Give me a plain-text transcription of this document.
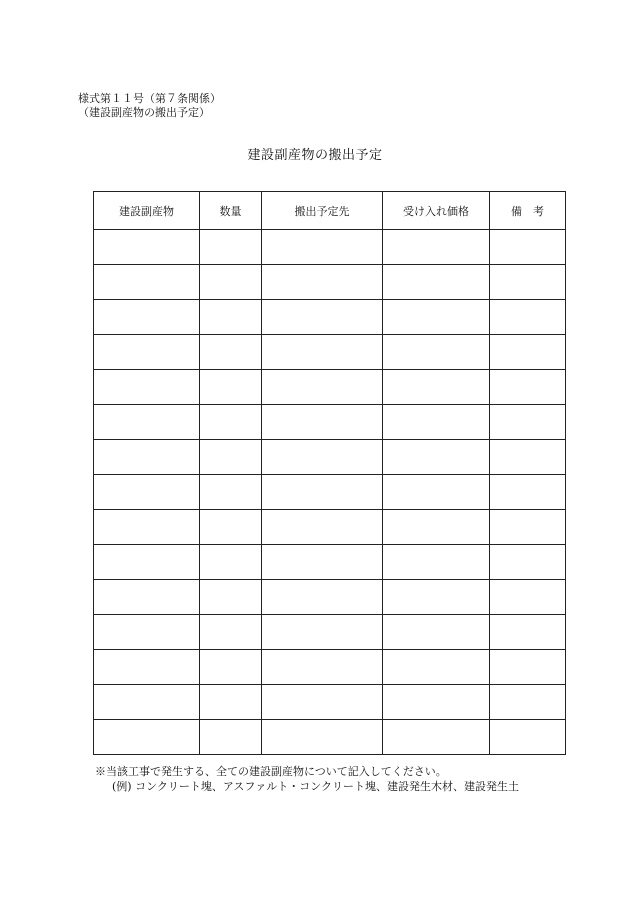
様式第１１号（第７条関係）
（建設副産物の搬出予定）
建設副産物の搬出予定
建設副産物	数量	搬出予定先	受け入れ価格	備　考

※当該工事で発生する、全ての建設副産物について記入してください。
(例) コンクリート塊、アスファルト・コンクリート塊、建設発生木材、建設発生土
